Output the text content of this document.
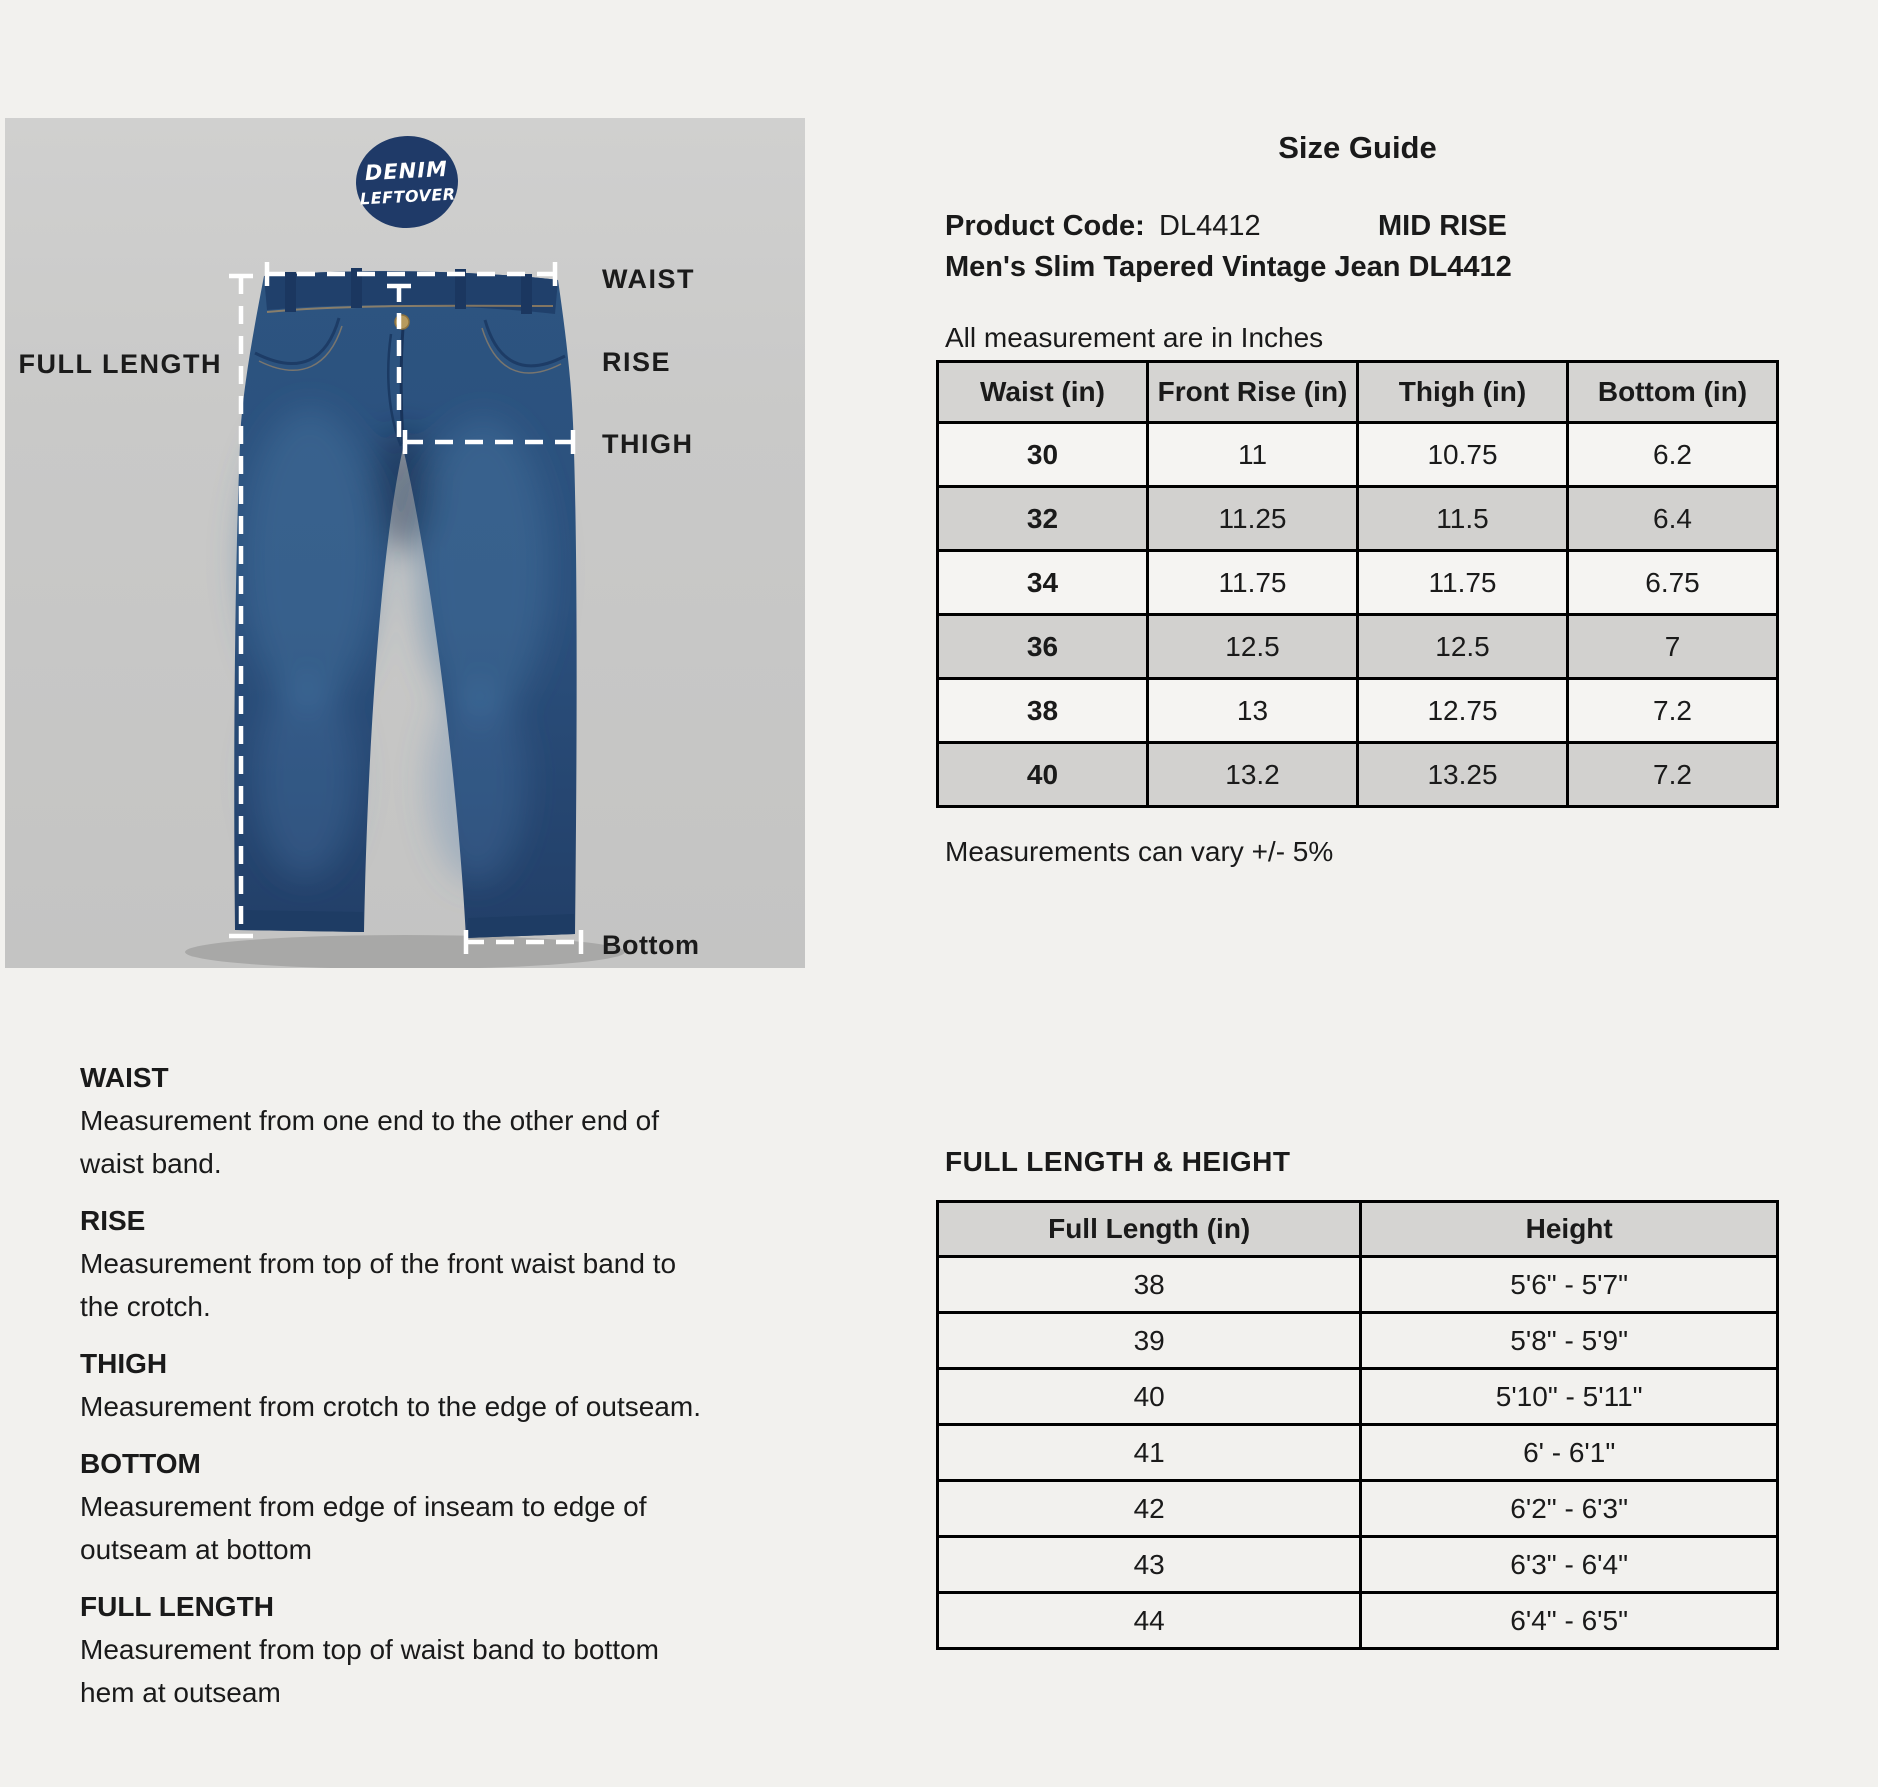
DENIM
LEFTOVER
WAIST
RISE
THIGH
FULL LENGTH
Bottom
Size Guide
Product Code: DL4412	MID RISE
Men's Slim Tapered Vintage Jean DL4412
All measurement are in Inches
Waist (in)	Front Rise (in)	Thigh (in)	Bottom (in)
30	11	10.75	6.2
32	11.25	11.5	6.4
34	11.75	11.75	6.75
36	12.5	12.5	7
38	13	12.75	7.2
40	13.2	13.25	7.2
Measurements can vary +/- 5%
WAIST
Measurement from one end to the other end of
waist band.
RISE
Measurement from top of the front waist band to
the crotch.
THIGH
Measurement from crotch to the edge of outseam.
BOTTOM
Measurement from edge of inseam to edge of
outseam at bottom
FULL LENGTH
Measurement from top of waist band to bottom
hem at outseam
FULL LENGTH & HEIGHT
Full Length (in)	Height
38	5'6" - 5'7"
39	5'8" - 5'9"
40	5'10" - 5'11"
41	6' - 6'1"
42	6'2" - 6'3"
43	6'3" - 6'4"
44	6'4" - 6'5"
